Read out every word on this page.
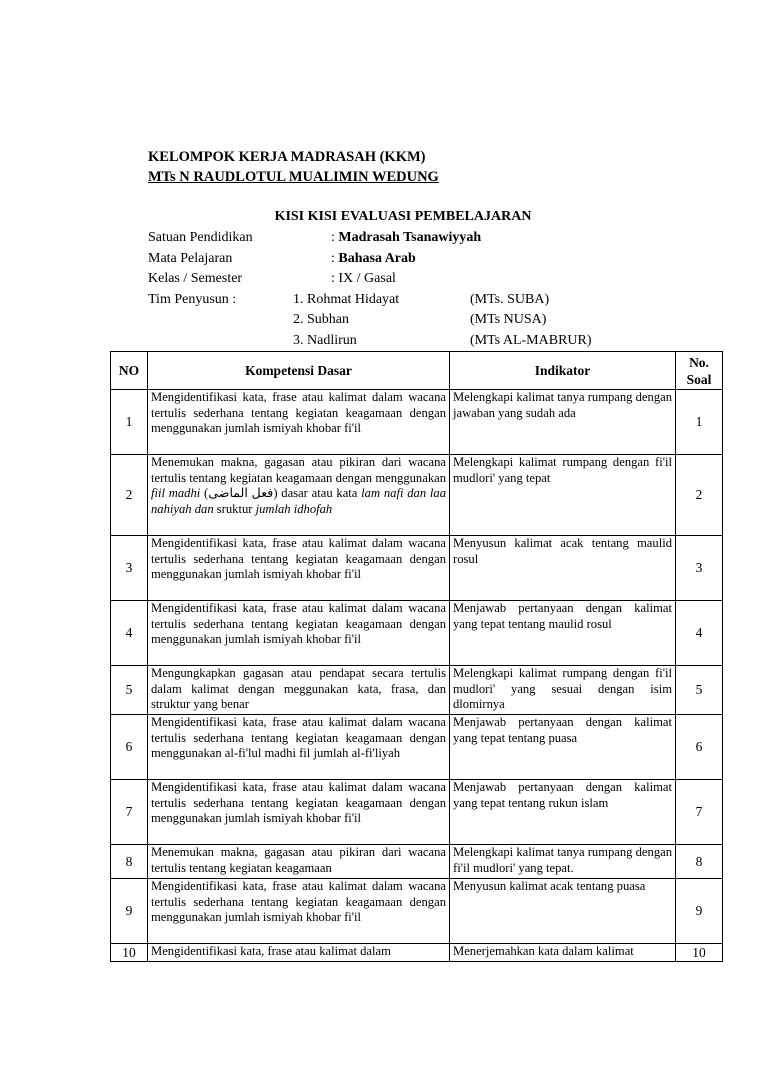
KELOMPOK KERJA MADRASAH (KKM)
MTs N RAUDLOTUL MUALIMIN WEDUNG
KISI KISI EVALUASI PEMBELAJARAN
Satuan Pendidikan	: Madrasah Tsanawiyyah
Mata Pelajaran	: Bahasa Arab
Kelas / Semester	: IX / Gasal
Tim Penyusun :	1. Rohmat Hidayat	(MTs. SUBA)
2. Subhan	(MTs NUSA)
3. Nadlirun	(MTs AL-MABRUR)
NO	Kompetensi Dasar	Indikator	No.
Soal
1	Mengidentifikasi kata, frase atau kalimat dalam wacana tertulis sederhana tentang kegiatan keagamaan dengan menggunakan jumlah ismiyah khobar fi'il	Melengkapi kalimat tanya rumpang dengan jawaban yang sudah ada	1
2	Menemukan makna, gagasan atau pikiran dari wacana tertulis tentang kegiatan keagamaan dengan menggunakan fiil madhi (فعل الماضى) dasar atau kata lam nafi dan laa nahiyah dan sruktur jumlah idhofah	Melengkapi kalimat rumpang dengan fi'il mudlori' yang tepat	2
3	Mengidentifikasi kata, frase atau kalimat dalam wacana tertulis sederhana tentang kegiatan keagamaan dengan menggunakan jumlah ismiyah khobar fi'il	Menyusun kalimat acak tentang maulid rosul	3
4	Mengidentifikasi kata, frase atau kalimat dalam wacana tertulis sederhana tentang kegiatan keagamaan dengan menggunakan jumlah ismiyah khobar fi'il	Menjawab pertanyaan dengan kalimat yang tepat tentang maulid rosul	4
5	Mengungkapkan gagasan atau pendapat secara tertulis dalam kalimat dengan meggunakan kata, frasa, dan struktur yang benar	Melengkapi kalimat rumpang dengan fi'il mudlori' yang sesuai dengan isim dlomirnya	5
6	Mengidentifikasi kata, frase atau kalimat dalam wacana tertulis sederhana tentang kegiatan keagamaan dengan menggunakan al-fi'lul madhi fil jumlah al-fi'liyah	Menjawab pertanyaan dengan kalimat yang tepat tentang puasa	6
7	Mengidentifikasi kata, frase atau kalimat dalam wacana tertulis sederhana tentang kegiatan keagamaan dengan menggunakan jumlah ismiyah khobar fi'il	Menjawab pertanyaan dengan kalimat yang tepat tentang rukun islam	7
8	Menemukan makna, gagasan atau pikiran dari wacana tertulis tentang kegiatan keagamaan	Melengkapi kalimat tanya rumpang dengan fi'il mudlori' yang tepat.	8
9	Mengidentifikasi kata, frase atau kalimat dalam wacana tertulis sederhana tentang kegiatan keagamaan dengan menggunakan jumlah ismiyah khobar fi'il	Menyusun kalimat acak tentang puasa	9
10	Mengidentifikasi kata, frase atau kalimat dalam	Menerjemahkan kata dalam kalimat	10
